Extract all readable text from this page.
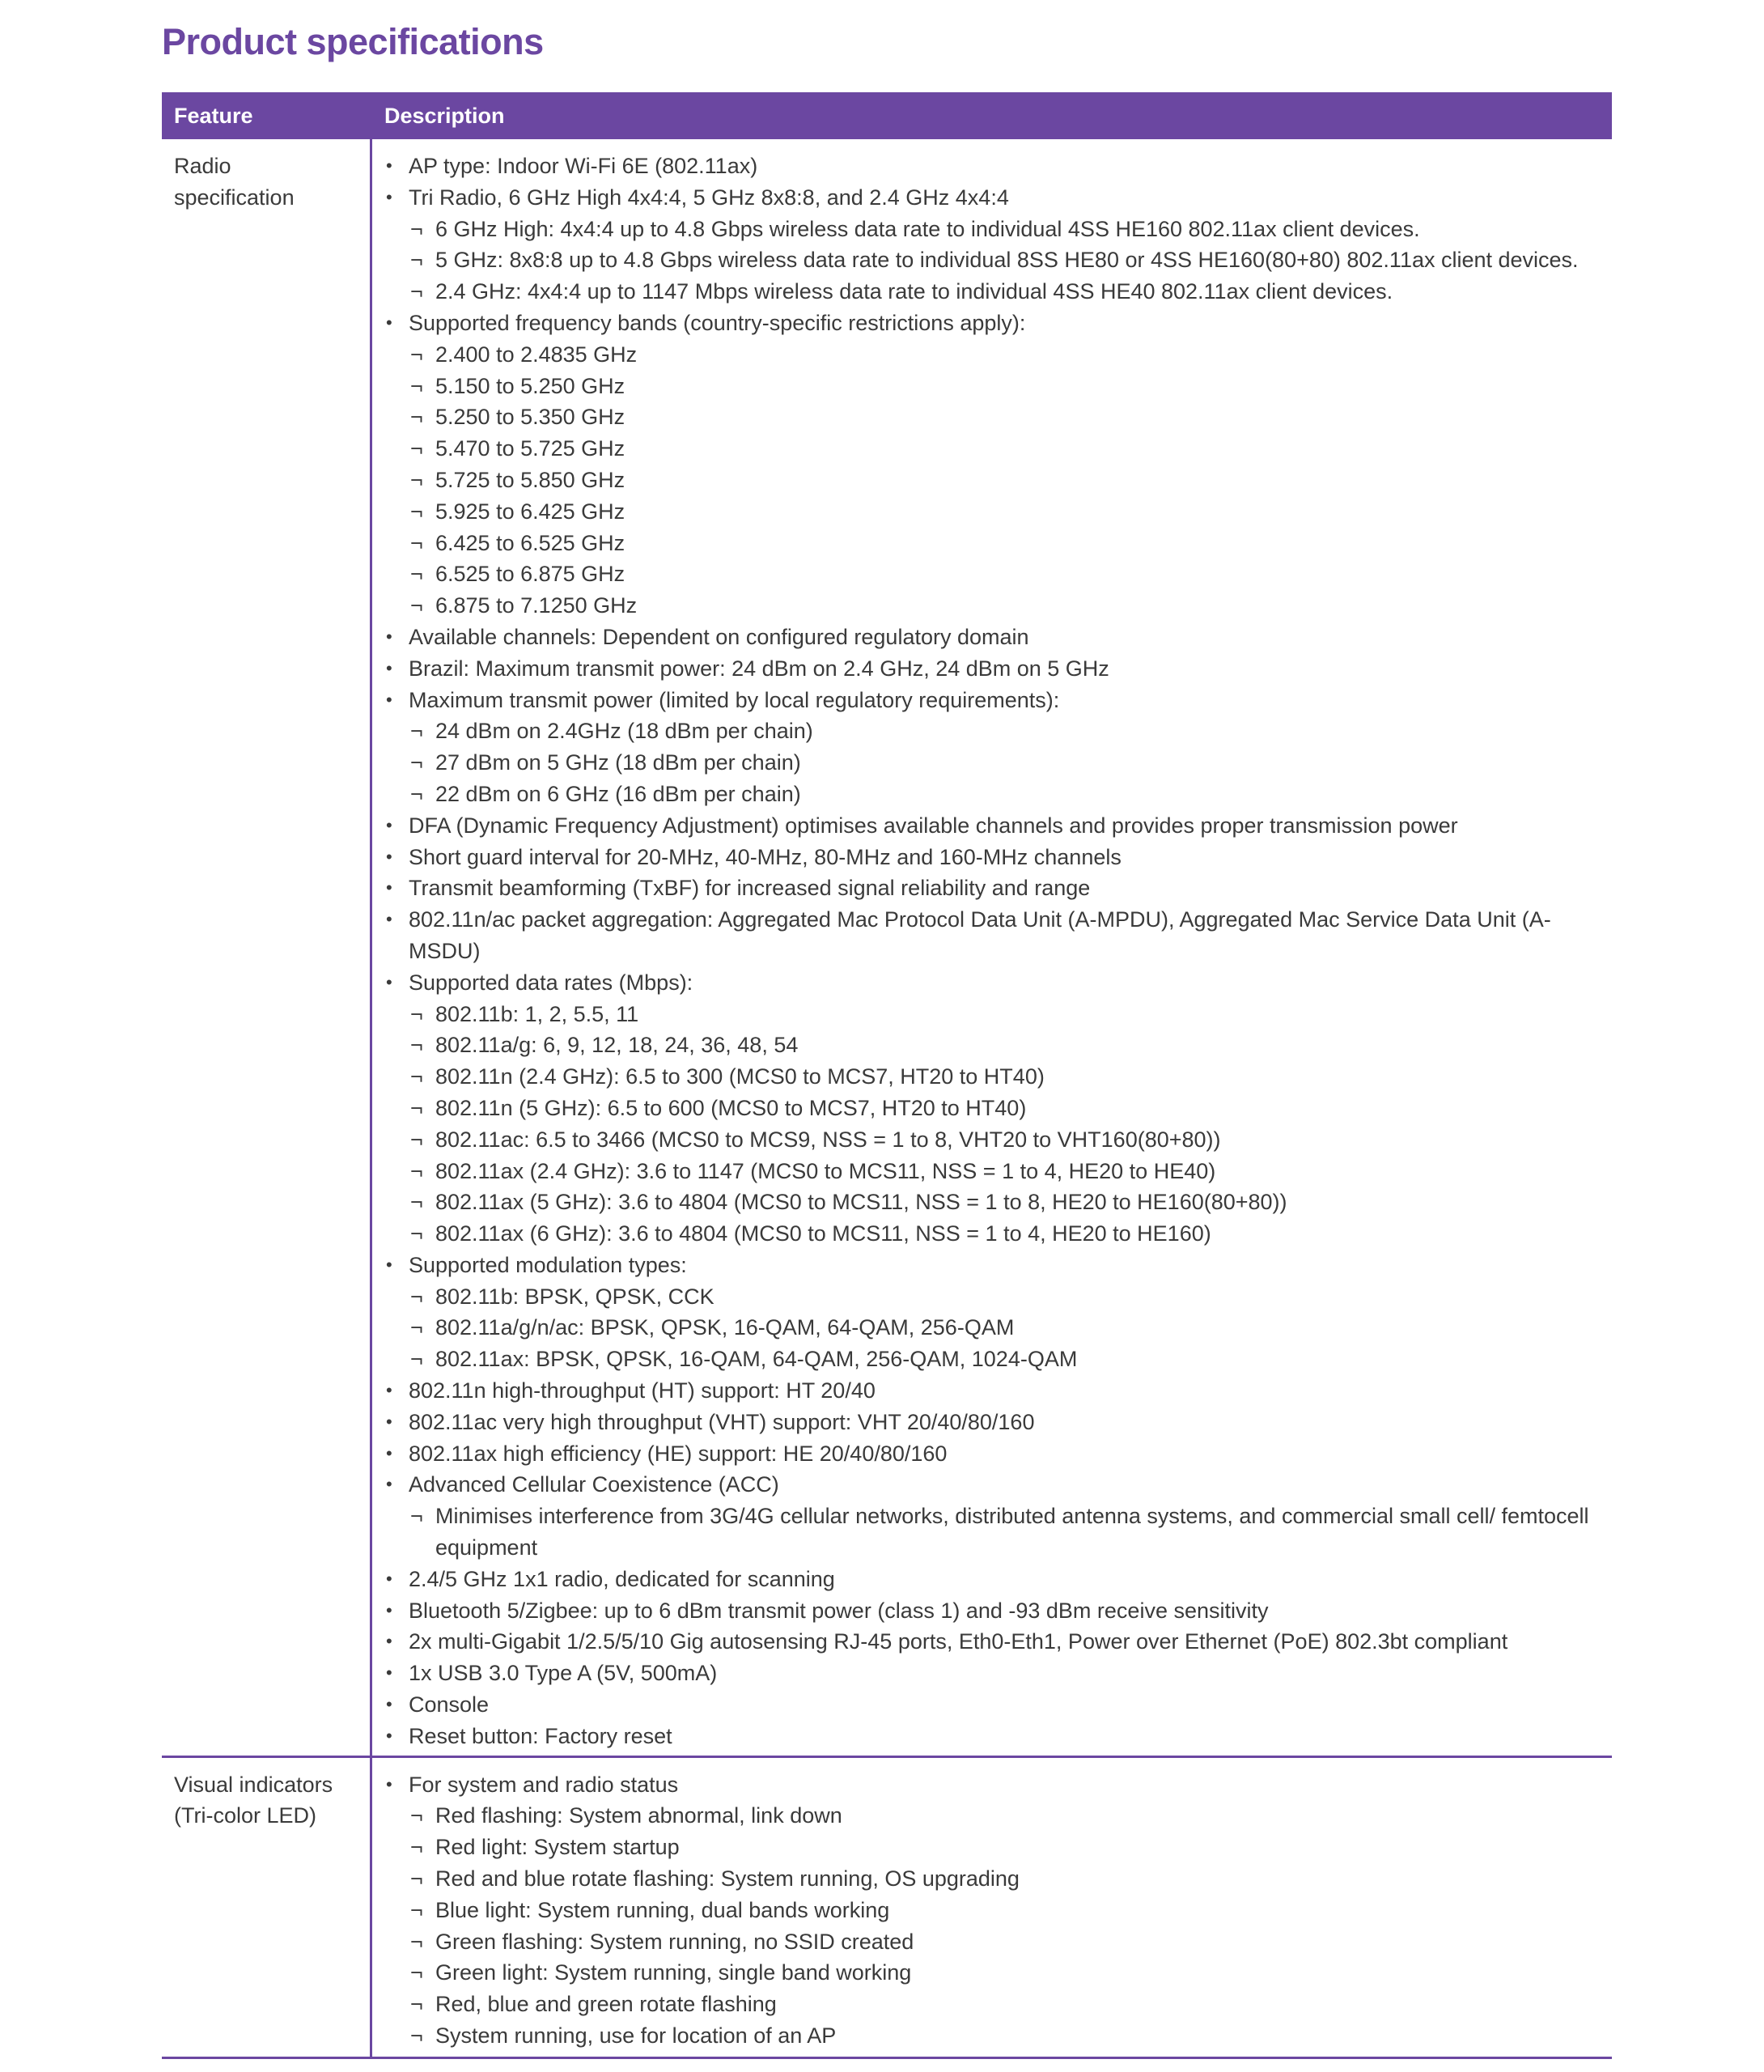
Product specifications
Feature	Description
Radio
specification
• AP type: Indoor Wi-Fi 6E (802.11ax)
• Tri Radio, 6 GHz High 4x4:4, 5 GHz 8x8:8, and 2.4 GHz 4x4:4
¬ 6 GHz High: 4x4:4 up to 4.8 Gbps wireless data rate to individual 4SS HE160 802.11ax client devices.
¬ 5 GHz: 8x8:8 up to 4.8 Gbps wireless data rate to individual 8SS HE80 or 4SS HE160(80+80) 802.11ax client devices.
¬ 2.4 GHz: 4x4:4 up to 1147 Mbps wireless data rate to individual 4SS HE40 802.11ax client devices.
• Supported frequency bands (country-specific restrictions apply):
¬ 2.400 to 2.4835 GHz
¬ 5.150 to 5.250 GHz
¬ 5.250 to 5.350 GHz
¬ 5.470 to 5.725 GHz
¬ 5.725 to 5.850 GHz
¬ 5.925 to 6.425 GHz
¬ 6.425 to 6.525 GHz
¬ 6.525 to 6.875 GHz
¬ 6.875 to 7.1250 GHz
• Available channels: Dependent on configured regulatory domain
• Brazil: Maximum transmit power: 24 dBm on 2.4 GHz, 24 dBm on 5 GHz
• Maximum transmit power (limited by local regulatory requirements):
¬ 24 dBm on 2.4GHz (18 dBm per chain)
¬ 27 dBm on 5 GHz (18 dBm per chain)
¬ 22 dBm on 6 GHz (16 dBm per chain)
• DFA (Dynamic Frequency Adjustment) optimises available channels and provides proper transmission power
• Short guard interval for 20-MHz, 40-MHz, 80-MHz and 160-MHz channels
• Transmit beamforming (TxBF) for increased signal reliability and range
• 802.11n/ac packet aggregation: Aggregated Mac Protocol Data Unit (A-MPDU), Aggregated Mac Service Data Unit (A-MSDU)
• Supported data rates (Mbps):
¬ 802.11b: 1, 2, 5.5, 11
¬ 802.11a/g: 6, 9, 12, 18, 24, 36, 48, 54
¬ 802.11n (2.4 GHz): 6.5 to 300 (MCS0 to MCS7, HT20 to HT40)
¬ 802.11n (5 GHz): 6.5 to 600 (MCS0 to MCS7, HT20 to HT40)
¬ 802.11ac: 6.5 to 3466 (MCS0 to MCS9, NSS = 1 to 8, VHT20 to VHT160(80+80))
¬ 802.11ax (2.4 GHz): 3.6 to 1147 (MCS0 to MCS11, NSS = 1 to 4, HE20 to HE40)
¬ 802.11ax (5 GHz): 3.6 to 4804 (MCS0 to MCS11, NSS = 1 to 8, HE20 to HE160(80+80))
¬ 802.11ax (6 GHz): 3.6 to 4804 (MCS0 to MCS11, NSS = 1 to 4, HE20 to HE160)
• Supported modulation types:
¬ 802.11b: BPSK, QPSK, CCK
¬ 802.11a/g/n/ac: BPSK, QPSK, 16-QAM, 64-QAM, 256-QAM
¬ 802.11ax: BPSK, QPSK, 16-QAM, 64-QAM, 256-QAM, 1024-QAM
• 802.11n high-throughput (HT) support: HT 20/40
• 802.11ac very high throughput (VHT) support: VHT 20/40/80/160
• 802.11ax high efficiency (HE) support: HE 20/40/80/160
• Advanced Cellular Coexistence (ACC)
¬ Minimises interference from 3G/4G cellular networks, distributed antenna systems, and commercial small cell/ femtocell equipment
• 2.4/5 GHz 1x1 radio, dedicated for scanning
• Bluetooth 5/Zigbee: up to 6 dBm transmit power (class 1) and -93 dBm receive sensitivity
• 2x multi-Gigabit 1/2.5/5/10 Gig autosensing RJ-45 ports, Eth0-Eth1, Power over Ethernet (PoE) 802.3bt compliant
• 1x USB 3.0 Type A (5V, 500mA)
• Console
• Reset button: Factory reset
Visual indicators
(Tri-color LED)
• For system and radio status
¬ Red flashing: System abnormal, link down
¬ Red light: System startup
¬ Red and blue rotate flashing: System running, OS upgrading
¬ Blue light: System running, dual bands working
¬ Green flashing: System running, no SSID created
¬ Green light: System running, single band working
¬ Red, blue and green rotate flashing
¬ System running, use for location of an AP
